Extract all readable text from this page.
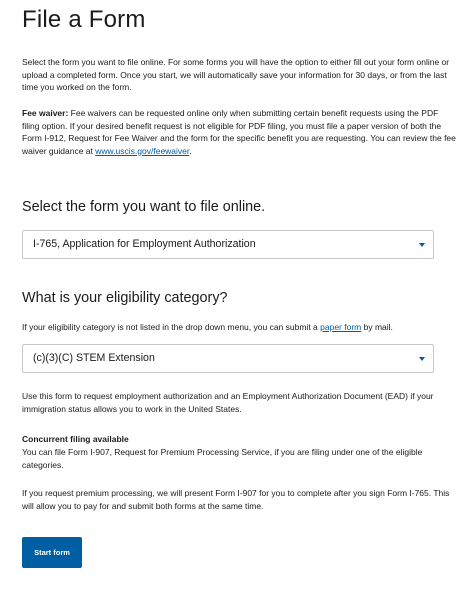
File a Form

Select the form you want to file online. For some forms you will have the option to either fill out your form online or upload a completed form. Once you start, we will automatically save your information for 30 days, or from the last time you worked on the form.

Fee waiver: Fee waivers can be requested online only when submitting certain benefit requests using the PDF filing option. If your desired benefit request is not eligible for PDF filing, you must file a paper version of both the Form I-912, Request for Fee Waiver and the form for the specific benefit you are requesting. You can review the fee waiver guidance at www.uscis.gov/feewaiver.

Select the form you want to file online.
I-765, Application for Employment Authorization
What is your eligibility category?

If your eligibility category is not listed in the drop down menu, you can submit a paper form by mail.

(c)(3)(C) STEM Extension

Use this form to request employment authorization and an Employment Authorization Document (EAD) if your immigration status allows you to work in the United States.

Concurrent filing available

You can file Form I-907, Request for Premium Processing Service, if you are filing under one of the eligible categories.

If you request premium processing, we will present Form I-907 for you to complete after you sign Form I-765. This will allow you to pay for and submit both forms at the same time.

Start form
